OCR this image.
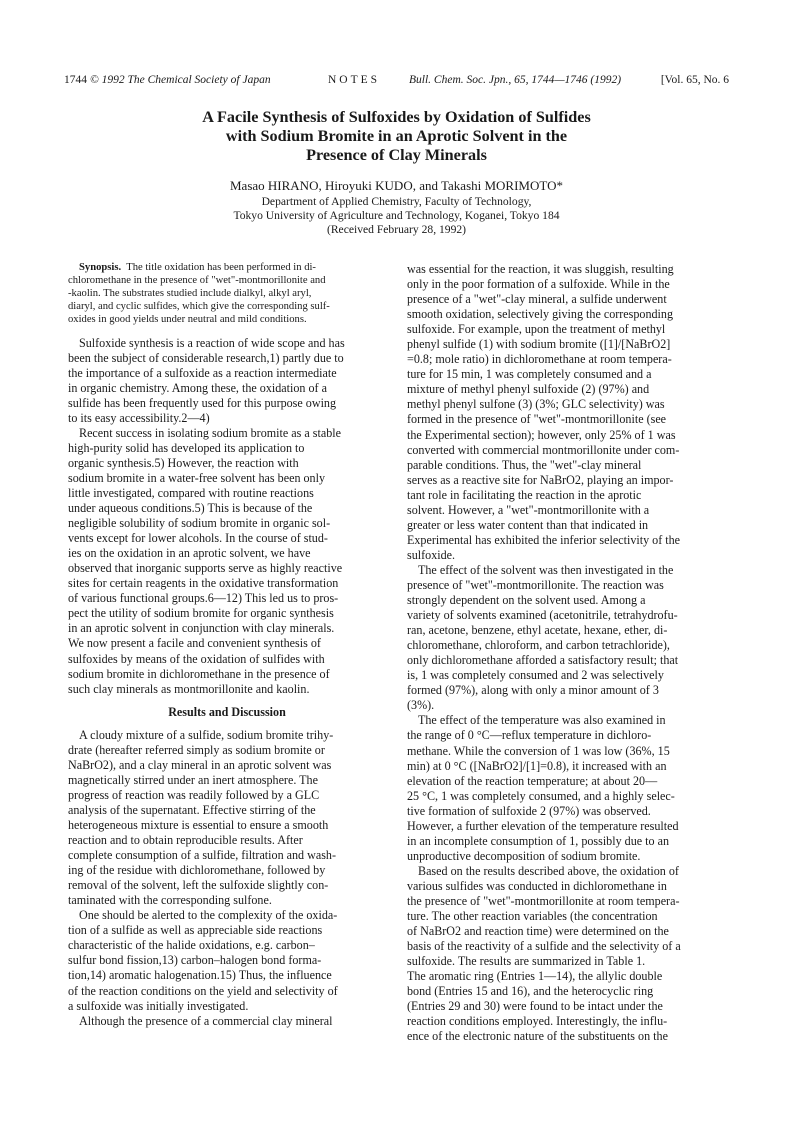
1744 © 1992 The Chemical Society of Japan	NOTES	Bull. Chem. Soc. Jpn., 65, 1744—1746 (1992)	[Vol. 65, No. 6
A Facile Synthesis of Sulfoxides by Oxidation of Sulfides
with Sodium Bromite in an Aprotic Solvent in the
Presence of Clay Minerals
Masao HIRANO, Hiroyuki KUDO, and Takashi MORIMOTO*
Department of Applied Chemistry, Faculty of Technology,
Tokyo University of Agriculture and Technology, Koganei, Tokyo 184
(Received February 28, 1992)
Synopsis. The title oxidation has been performed in di-
chloromethane in the presence of "wet"-montmorillonite and
-kaolin. The substrates studied include dialkyl, alkyl aryl,
diaryl, and cyclic sulfides, which give the corresponding sulf-
oxides in good yields under neutral and mild conditions.
Sulfoxide synthesis is a reaction of wide scope and has
been the subject of considerable research,1) partly due to
the importance of a sulfoxide as a reaction intermediate
in organic chemistry. Among these, the oxidation of a
sulfide has been frequently used for this purpose owing
to its easy accessibility.2—4)
Recent success in isolating sodium bromite as a stable
high-purity solid has developed its application to
organic synthesis.5) However, the reaction with
sodium bromite in a water-free solvent has been only
little investigated, compared with routine reactions
under aqueous conditions.5) This is because of the
negligible solubility of sodium bromite in organic sol-
vents except for lower alcohols. In the course of stud-
ies on the oxidation in an aprotic solvent, we have
observed that inorganic supports serve as highly reactive
sites for certain reagents in the oxidative transformation
of various functional groups.6—12) This led us to pros-
pect the utility of sodium bromite for organic synthesis
in an aprotic solvent in conjunction with clay minerals.
We now present a facile and convenient synthesis of
sulfoxides by means of the oxidation of sulfides with
sodium bromite in dichloromethane in the presence of
such clay minerals as montmorillonite and kaolin.
Results and Discussion
A cloudy mixture of a sulfide, sodium bromite trihy-
drate (hereafter referred simply as sodium bromite or
NaBrO2), and a clay mineral in an aprotic solvent was
magnetically stirred under an inert atmosphere. The
progress of reaction was readily followed by a GLC
analysis of the supernatant. Effective stirring of the
heterogeneous mixture is essential to ensure a smooth
reaction and to obtain reproducible results. After
complete consumption of a sulfide, filtration and wash-
ing of the residue with dichloromethane, followed by
removal of the solvent, left the sulfoxide slightly con-
taminated with the corresponding sulfone.
One should be alerted to the complexity of the oxida-
tion of a sulfide as well as appreciable side reactions
characteristic of the halide oxidations, e.g. carbon–
sulfur bond fission,13) carbon–halogen bond forma-
tion,14) aromatic halogenation.15) Thus, the influence
of the reaction conditions on the yield and selectivity of
a sulfoxide was initially investigated.
Although the presence of a commercial clay mineral
was essential for the reaction, it was sluggish, resulting
only in the poor formation of a sulfoxide. While in the
presence of a "wet"-clay mineral, a sulfide underwent
smooth oxidation, selectively giving the corresponding
sulfoxide. For example, upon the treatment of methyl
phenyl sulfide (1) with sodium bromite ([1]/[NaBrO2]
=0.8; mole ratio) in dichloromethane at room tempera-
ture for 15 min, 1 was completely consumed and a
mixture of methyl phenyl sulfoxide (2) (97%) and
methyl phenyl sulfone (3) (3%; GLC selectivity) was
formed in the presence of "wet"-montmorillonite (see
the Experimental section); however, only 25% of 1 was
converted with commercial montmorillonite under com-
parable conditions. Thus, the "wet"-clay mineral
serves as a reactive site for NaBrO2, playing an impor-
tant role in facilitating the reaction in the aprotic
solvent. However, a "wet"-montmorillonite with a
greater or less water content than that indicated in
Experimental has exhibited the inferior selectivity of the
sulfoxide.
The effect of the solvent was then investigated in the
presence of "wet"-montmorillonite. The reaction was
strongly dependent on the solvent used. Among a
variety of solvents examined (acetonitrile, tetrahydrofu-
ran, acetone, benzene, ethyl acetate, hexane, ether, di-
chloromethane, chloroform, and carbon tetrachloride),
only dichloromethane afforded a satisfactory result; that
is, 1 was completely consumed and 2 was selectively
formed (97%), along with only a minor amount of 3
(3%).
The effect of the temperature was also examined in
the range of 0 °C—reflux temperature in dichloro-
methane. While the conversion of 1 was low (36%, 15
min) at 0 °C ([NaBrO2]/[1]=0.8), it increased with an
elevation of the reaction temperature; at about 20—
25 °C, 1 was completely consumed, and a highly selec-
tive formation of sulfoxide 2 (97%) was observed.
However, a further elevation of the temperature resulted
in an incomplete consumption of 1, possibly due to an
unproductive decomposition of sodium bromite.
Based on the results described above, the oxidation of
various sulfides was conducted in dichloromethane in
the presence of "wet"-montmorillonite at room tempera-
ture. The other reaction variables (the concentration
of NaBrO2 and reaction time) were determined on the
basis of the reactivity of a sulfide and the selectivity of a
sulfoxide. The results are summarized in Table 1.
The aromatic ring (Entries 1—14), the allylic double
bond (Entries 15 and 16), and the heterocyclic ring
(Entries 29 and 30) were found to be intact under the
reaction conditions employed. Interestingly, the influ-
ence of the electronic nature of the substituents on the
